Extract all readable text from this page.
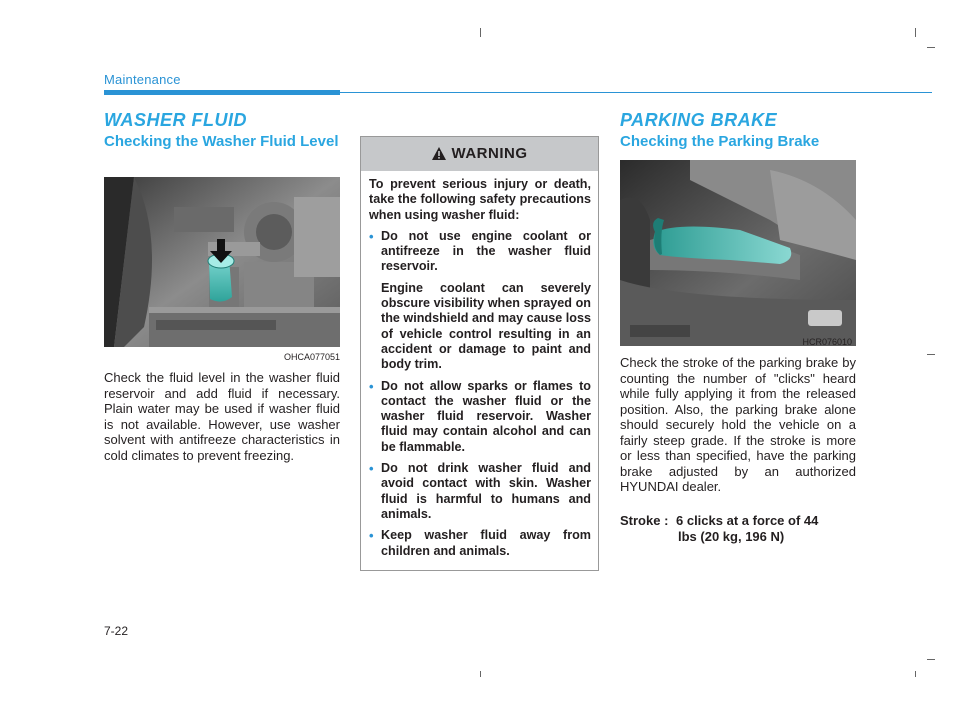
Maintenance
WASHER FLUID
Checking the Washer Fluid Level
OHCA077051
Check the fluid level in the washer fluid reservoir and add fluid if necessary. Plain water may be used if washer fluid is not available. However, use washer solvent with antifreeze characteristics in cold climates to prevent freezing.
WARNING

To prevent serious injury or death, take the following safety precautions when using washer fluid:

• Do not use engine coolant or antifreeze in the washer fluid reservoir.
Engine coolant can severely obscure visibility when sprayed on the windshield and may cause loss of vehicle control resulting in an accident or damage to paint and body trim.
• Do not allow sparks or flames to contact the washer fluid or the washer fluid reservoir. Washer fluid may contain alcohol and can be flammable.
• Do not drink washer fluid and avoid contact with skin. Washer fluid is harmful to humans and animals.
• Keep washer fluid away from children and animals.
PARKING BRAKE
Checking the Parking Brake
HCR076010
Check the stroke of the parking brake by counting the number of "clicks" heard while fully applying it from the released position. Also, the parking brake alone should securely hold the vehicle on a fairly steep grade. If the stroke is more or less than specified, have the parking brake adjusted by an authorized HYUNDAI dealer.
Stroke : 6 clicks at a force of 44
lbs (20 kg, 196 N)
7-22
